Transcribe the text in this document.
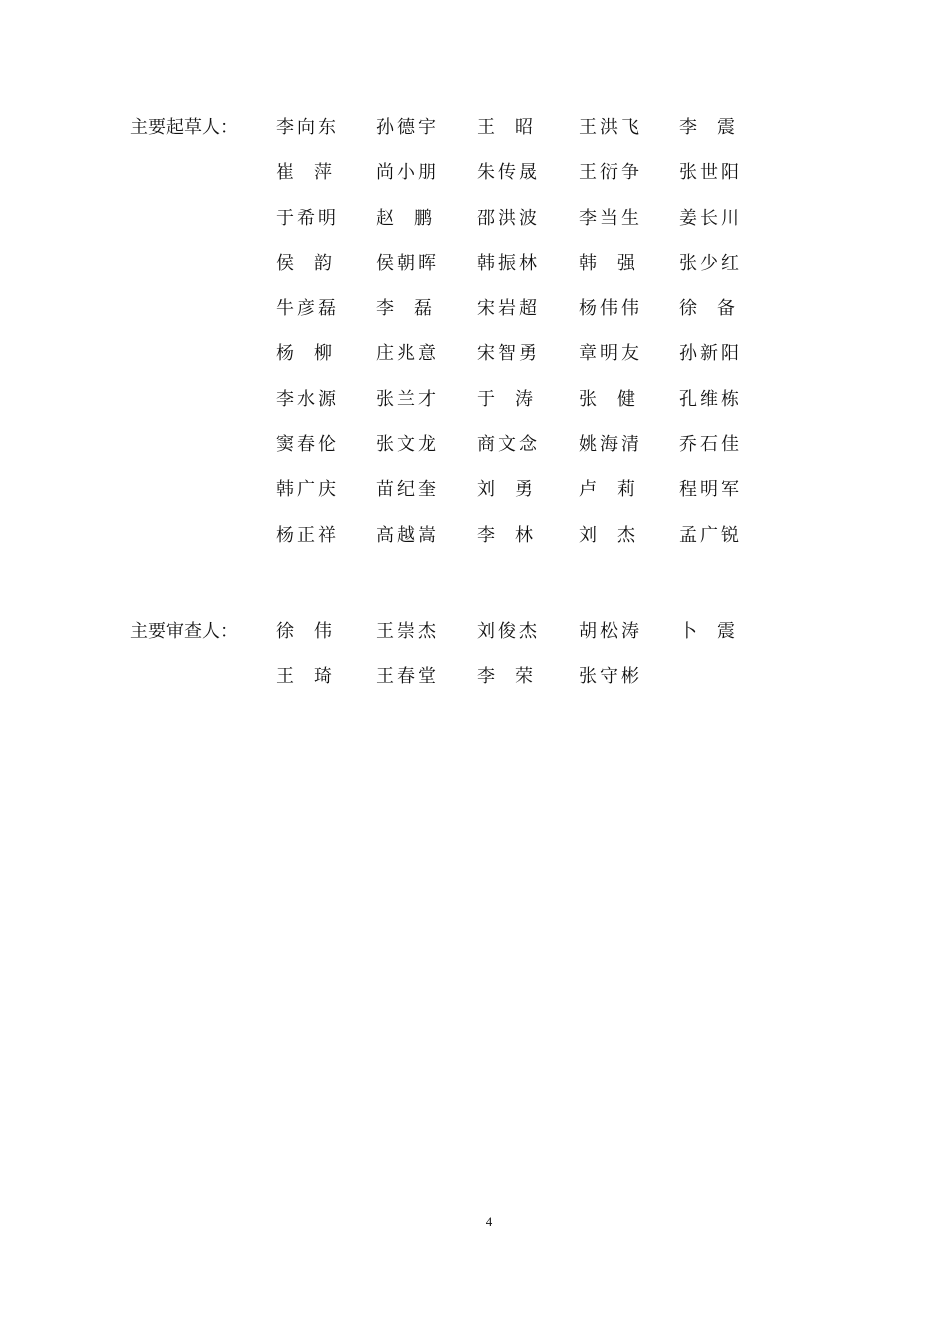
主要起草人： 李向东 孙德宇 王 昭	王洪飞 李 震
崔 萍 尚小朋 朱传晟 王衍争 张世阳
于希明 赵 鹏	邵洪波 李当生 姜长川
侯 韵 侯朝晖 韩振林 韩 强 张少红
牛彦磊 李 磊	宋岩超 杨伟伟 徐 备
杨 柳 庄兆意 宋智勇 章明友 孙新阳
李水源 张兰才 于 涛	张 健 孔维栋
窦春伦 张文龙 商文念 姚海清 乔石佳
韩广庆 苗纪奎 刘 勇	卢 莉 程明军
杨正祥 高越嵩 李 林	刘 杰 孟广锐
主要审查人： 徐 伟 王崇杰 刘俊杰 胡松涛 卜 震
王 琦 王春堂 李 荣	张守彬
4
